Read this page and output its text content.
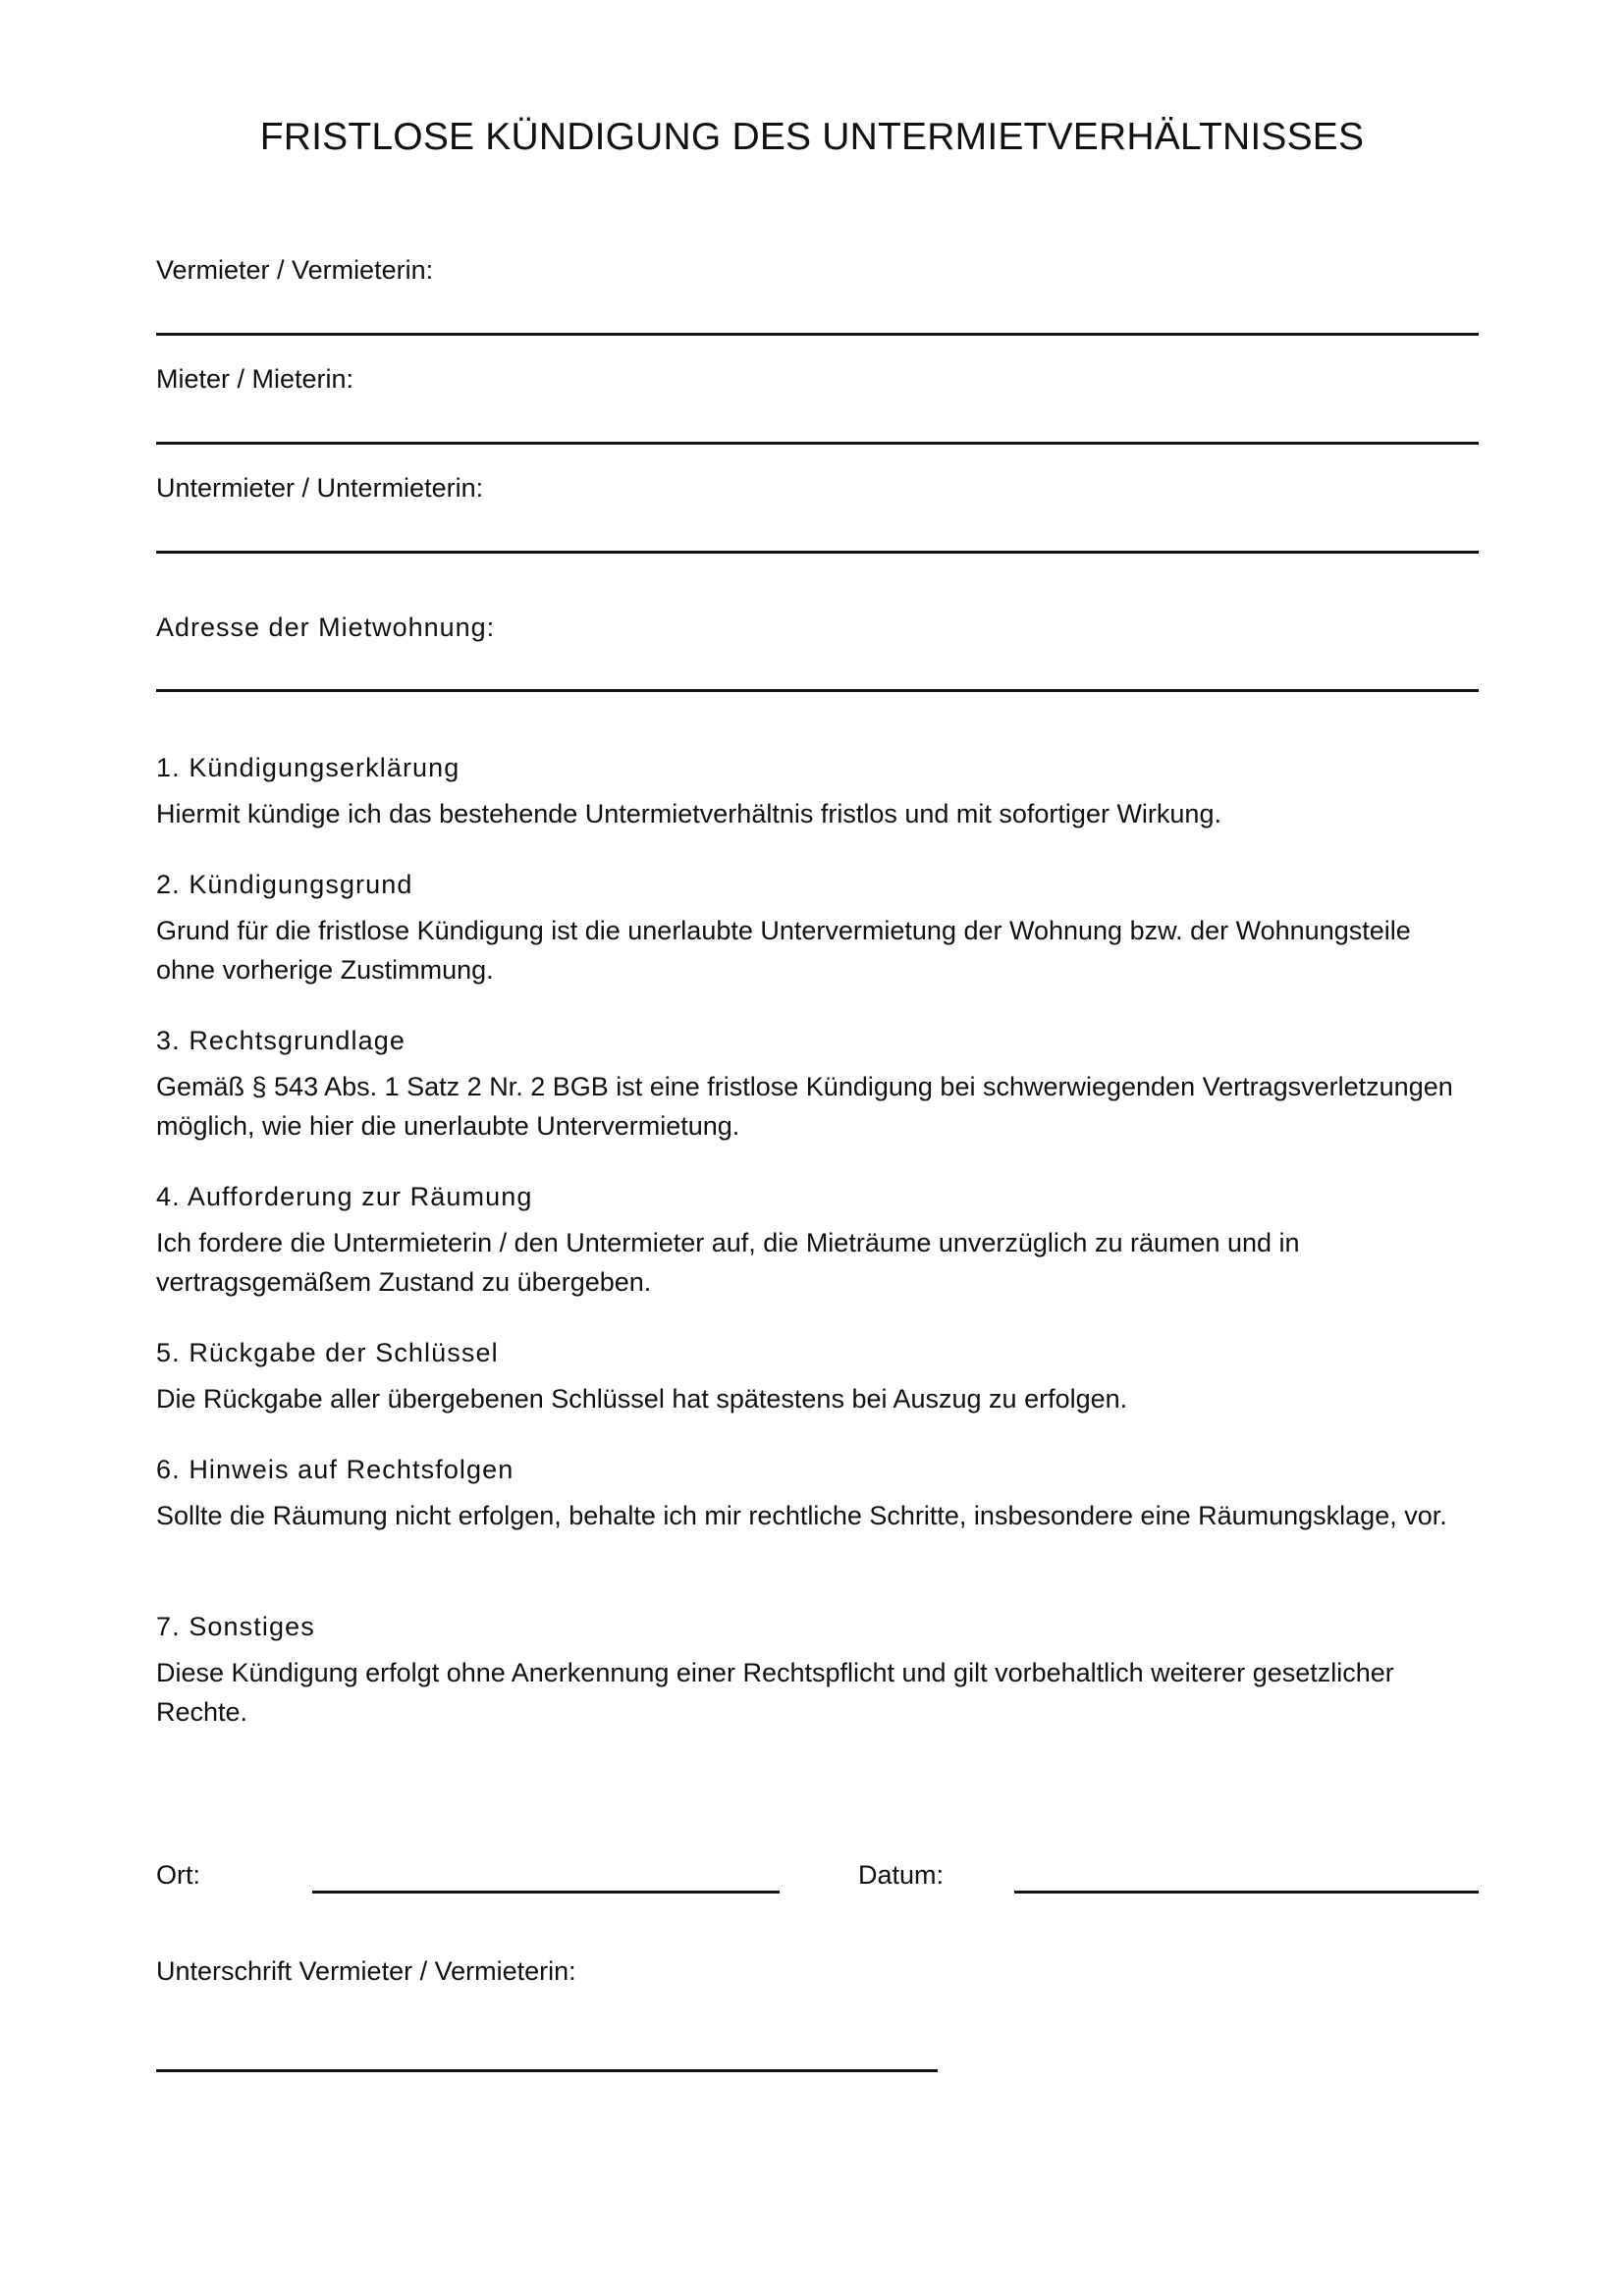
FRISTLOSE KÜNDIGUNG DES UNTERMIETVERHÄLTNISSES
Vermieter / Vermieterin:
Mieter / Mieterin:
Untermieter / Untermieterin:
Adresse der Mietwohnung:

1. Kündigungserklärung

Hiermit kündige ich das bestehende Untermietverhältnis fristlos und mit sofortiger Wirkung.

2. Kündigungsgrund

Grund für die fristlose Kündigung ist die unerlaubte Untervermietung der Wohnung bzw. der Wohnungsteile ohne vorherige Zustimmung.

3. Rechtsgrundlage

Gemäß § 543 Abs. 1 Satz 2 Nr. 2 BGB ist eine fristlose Kündigung bei schwerwiegenden Vertragsverletzungen möglich, wie hier die unerlaubte Untervermietung.

4. Aufforderung zur Räumung

Ich fordere die Untermieterin / den Untermieter auf, die Mieträume unverzüglich zu räumen und in vertragsgemäßem Zustand zu übergeben.

5. Rückgabe der Schlüssel

Die Rückgabe aller übergebenen Schlüssel hat spätestens bei Auszug zu erfolgen.

6. Hinweis auf Rechtsfolgen

Sollte die Räumung nicht erfolgen, behalte ich mir rechtliche Schritte, insbesondere eine Räumungsklage, vor.

7. Sonstiges

Diese Kündigung erfolgt ohne Anerkennung einer Rechtspflicht und gilt vorbehaltlich weiterer gesetzlicher Rechte.

Ort:	Datum:
Unterschrift Vermieter / Vermieterin:
